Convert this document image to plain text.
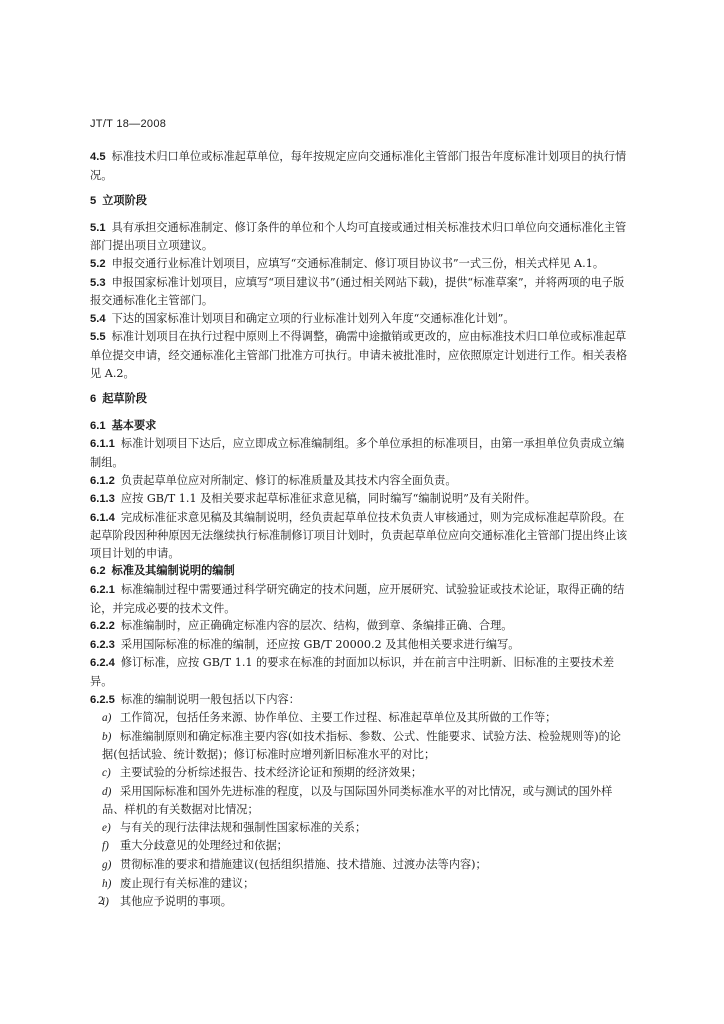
JT/T 18—2008

4.5 标准技术归口单位或标准起草单位，每年按规定应向交通标准化主管部门报告年度标准计划项目的执行情况。

5 立项阶段

5.1 具有承担交通标准制定、修订条件的单位和个人均可直接或通过相关标准技术归口单位向交通标准化主管部门提出项目立项建议。

5.2 申报交通行业标准计划项目，应填写“交通标准制定、修订项目协议书”一式三份，相关式样见 A.1。

5.3 申报国家标准计划项目，应填写“项目建议书”(通过相关网站下载)，提供“标准草案”，并将两项的电子版报交通标准化主管部门。

5.4 下达的国家标准计划项目和确定立项的行业标准计划列入年度“交通标准化计划”。

5.5 标准计划项目在执行过程中原则上不得调整，确需中途撤销或更改的，应由标准技术归口单位或标准起草单位提交申请，经交通标准化主管部门批准方可执行。申请未被批准时，应依照原定计划进行工作。相关表格见 A.2。

6 起草阶段

6.1 基本要求

6.1.1 标准计划项目下达后，应立即成立标准编制组。多个单位承担的标准项目，由第一承担单位负责成立编制组。

6.1.2 负责起草单位应对所制定、修订的标准质量及其技术内容全面负责。

6.1.3 应按 GB/T 1.1 及相关要求起草标准征求意见稿，同时编写“编制说明”及有关附件。

6.1.4 完成标准征求意见稿及其编制说明，经负责起草单位技术负责人审核通过，则为完成标准起草阶段。在起草阶段因种种原因无法继续执行标准制修订项目计划时，负责起草单位应向交通标准化主管部门提出终止该项目计划的申请。

6.2 标准及其编制说明的编制

6.2.1 标准编制过程中需要通过科学研究确定的技术问题，应开展研究、试验验证或技术论证，取得正确的结论，并完成必要的技术文件。

6.2.2 标准编制时，应正确确定标准内容的层次、结构，做到章、条编排正确、合理。

6.2.3 采用国际标准的标准的编制，还应按 GB/T 20000.2 及其他相关要求进行编写。

6.2.4 修订标准，应按 GB/T 1.1 的要求在标准的封面加以标识，并在前言中注明新、旧标准的主要技术差异。

6.2.5 标准的编制说明一般包括以下内容：

a) 工作简况，包括任务来源、协作单位、主要工作过程、标准起草单位及其所做的工作等；

b) 标准编制原则和确定标准主要内容(如技术指标、参数、公式、性能要求、试验方法、检验规则等)的论据(包括试验、统计数据)；修订标准时应增列新旧标准水平的对比；

c) 主要试验的分析综述报告、技术经济论证和预期的经济效果；

d) 采用国际标准和国外先进标准的程度，以及与国际国外同类标准水平的对比情况，或与测试的国外样品、样机的有关数据对比情况；

e) 与有关的现行法律法规和强制性国家标准的关系；

f) 重大分歧意见的处理经过和依据；

g) 贯彻标准的要求和措施建议(包括组织措施、技术措施、过渡办法等内容)；

h) 废止现行有关标准的建议；

i) 其他应予说明的事项。

2
